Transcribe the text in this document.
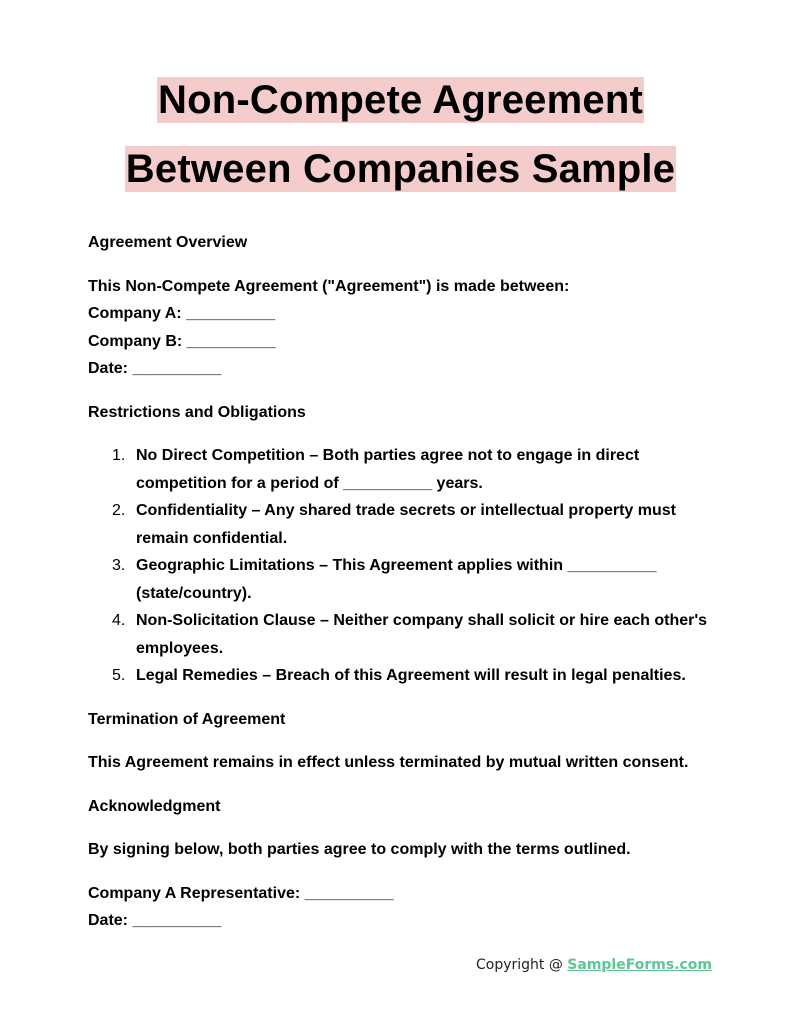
Non-Compete Agreement
Between Companies Sample

Agreement Overview

This Non-Compete Agreement ("Agreement") is made between:

Company A: __________

Company B: __________

Date: __________

Restrictions and Obligations

1. No Direct Competition – Both parties agree not to engage in direct competition for a period of __________ years.
2. Confidentiality – Any shared trade secrets or intellectual property must remain confidential.
3. Geographic Limitations – This Agreement applies within __________ (state/country).
4. Non-Solicitation Clause – Neither company shall solicit or hire each other's employees.
5. Legal Remedies – Breach of this Agreement will result in legal penalties.

Termination of Agreement

This Agreement remains in effect unless terminated by mutual written consent.

Acknowledgment

By signing below, both parties agree to comply with the terms outlined.

Company A Representative: __________

Date: __________

Copyright @ SampleForms.com
